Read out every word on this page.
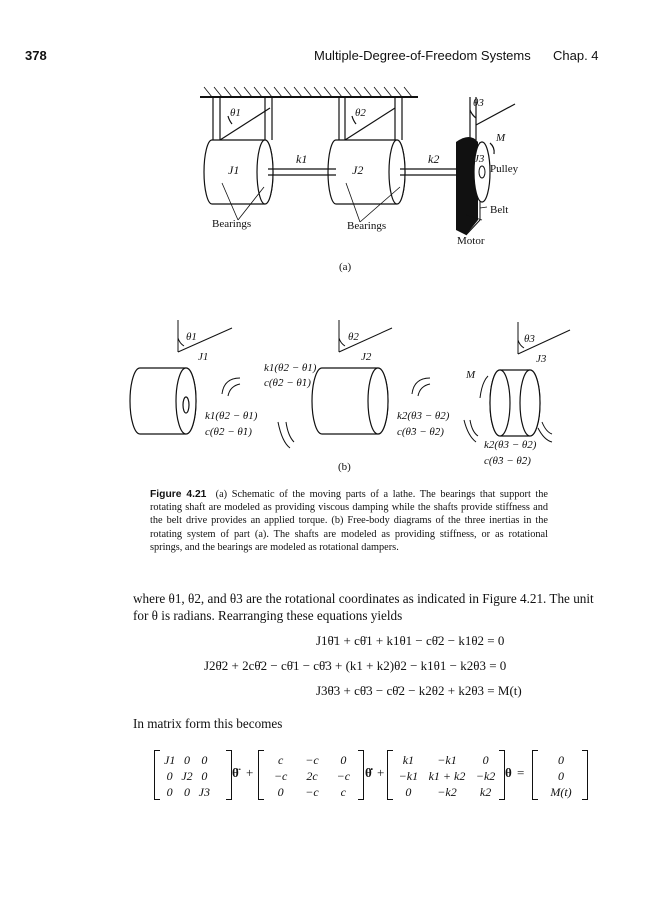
378	Multiple-Degree-of-Freedom Systems Chap. 4
θ1	θ2
θ3
J1	J2
J3
k1	k2
M
Pulley
Belt
Motor
Bearings	Bearings
(a)
θ1	θ2	θ3
J1	J2	J3
M
k1(θ2 − θ1)
c(θ̇2 − θ̇1)
k1(θ2 − θ1)
c(θ̇2 − θ̇1)
k2(θ3 − θ2)
c(θ̇3 − θ̇2)
k2(θ3 − θ2)
c(θ̇3 − θ̇2)
(b)
Figure 4.21 (a) Schematic of the moving parts of a lathe. The bearings that support the rotating shaft are modeled as providing viscous damping while the shafts provide stiffness and the belt drive provides an applied torque. (b) Free-body diagrams of the three inertias in the rotating system of part (a). The shafts are modeled as providing stiffness, or as rotational springs, and the bearings are modeled as rotational dampers.
where θ1, θ2, and θ3 are the rotational coordinates as indicated in Figure 4.21. The unit for θ is radians. Rearranging these equations yields
J1θ̈1 + cθ̇1 + k1θ1 − cθ̇2 − k1θ2 = 0
J2θ̈2 + 2cθ̇2 − cθ̇1 − cθ̇3 + (k1 + k2)θ2 − k1θ1 − k2θ3 = 0
J3θ̈3 + cθ̇3 − cθ̇2 − k2θ2 + k2θ3 = M(t)
In matrix form this becomes
J1	0	0
0	J2	0
0	0	J3
θ̈ +
c	−c	0
−c	2c	−c
0	−c	c
θ̇ +
k1	−k1	0
−k1	k1 + k2	−k2
0	−k2	k2
θ =
0
0
M(t)
